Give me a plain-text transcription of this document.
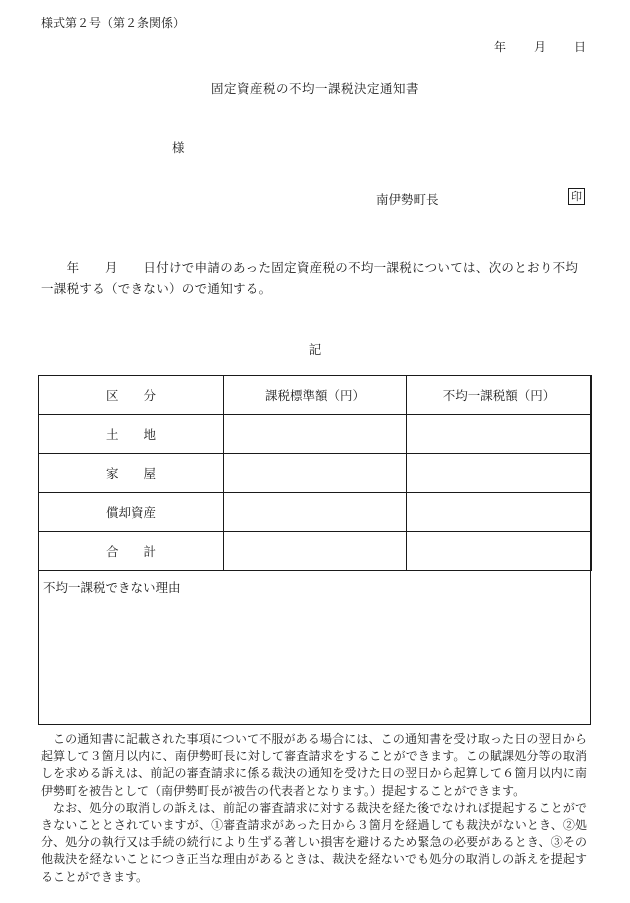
様式第２号（第２条関係）
年 月 日
固定資産税の不均一課税決定通知書
様
南伊勢町長	印
　　年　　月　　日付けで申請のあった固定資産税の不均一課税については、次のとおり不均一課税する（できない）ので通知する。
記
区　　分	課税標準額（円）	不均一課税額（円）
土　　地		
家　　屋		
償却資産		
合　　計		
不均一課税できない理由

この通知書に記載された事項について不服がある場合には、この通知書を受け取った日の翌日から起算して３箇月以内に、南伊勢町長に対して審査請求をすることができます。この賦課処分等の取消しを求める訴えは、前記の審査請求に係る裁決の通知を受けた日の翌日から起算して６箇月以内に南伊勢町を被告として（南伊勢町長が被告の代表者となります。）提起することができます。

なお、処分の取消しの訴えは、前記の審査請求に対する裁決を経た後でなければ提起することができないこととされていますが、①審査請求があった日から３箇月を経過しても裁決がないとき、②処分、処分の執行又は手続の続行により生ずる著しい損害を避けるため緊急の必要があるとき、③その他裁決を経ないことにつき正当な理由があるときは、裁決を経ないでも処分の取消しの訴えを提起することができます。
